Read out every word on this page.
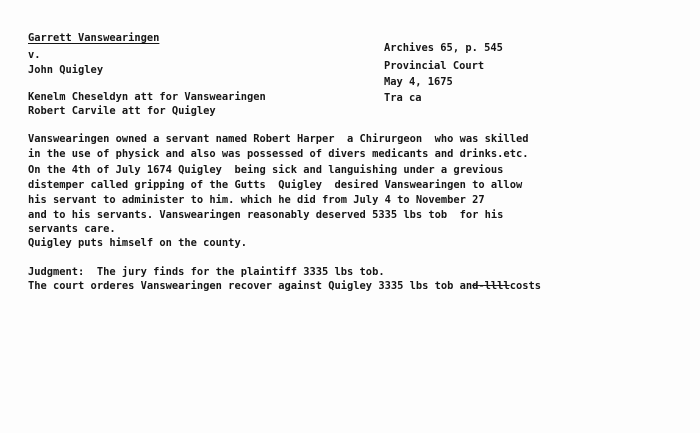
Garrett Vanswearingen
v.
John Quigley
Kenelm Cheseldyn att for Vanswearingen
Robert Carvile att for Quigley
Archives 65, p. 545
Provincial Court
May 4, 1675
Tra ca
Vanswearingen owned a servant named Robert Harper  a Chirurgeon  who was skilled
in the use of physick and also was possessed of divers medicants and drinks.etc.
On the 4th of July 1674 Quigley  being sick and languishing under a grevious
distemper called gripping of the Gutts  Quigley  desired Vanswearingen to allow
his servant to administer to him. which he did from July 4 to November 27
and to his servants. Vanswearingen reasonably deserved 5335 lbs tob  for his
servants care.
Quigley puts himself on the county.
Judgment:  The jury finds for the plaintiff 3335 lbs tob.
The court orderes Vanswearingen recover against Quigley 3335 lbs tob and-llllcosts
